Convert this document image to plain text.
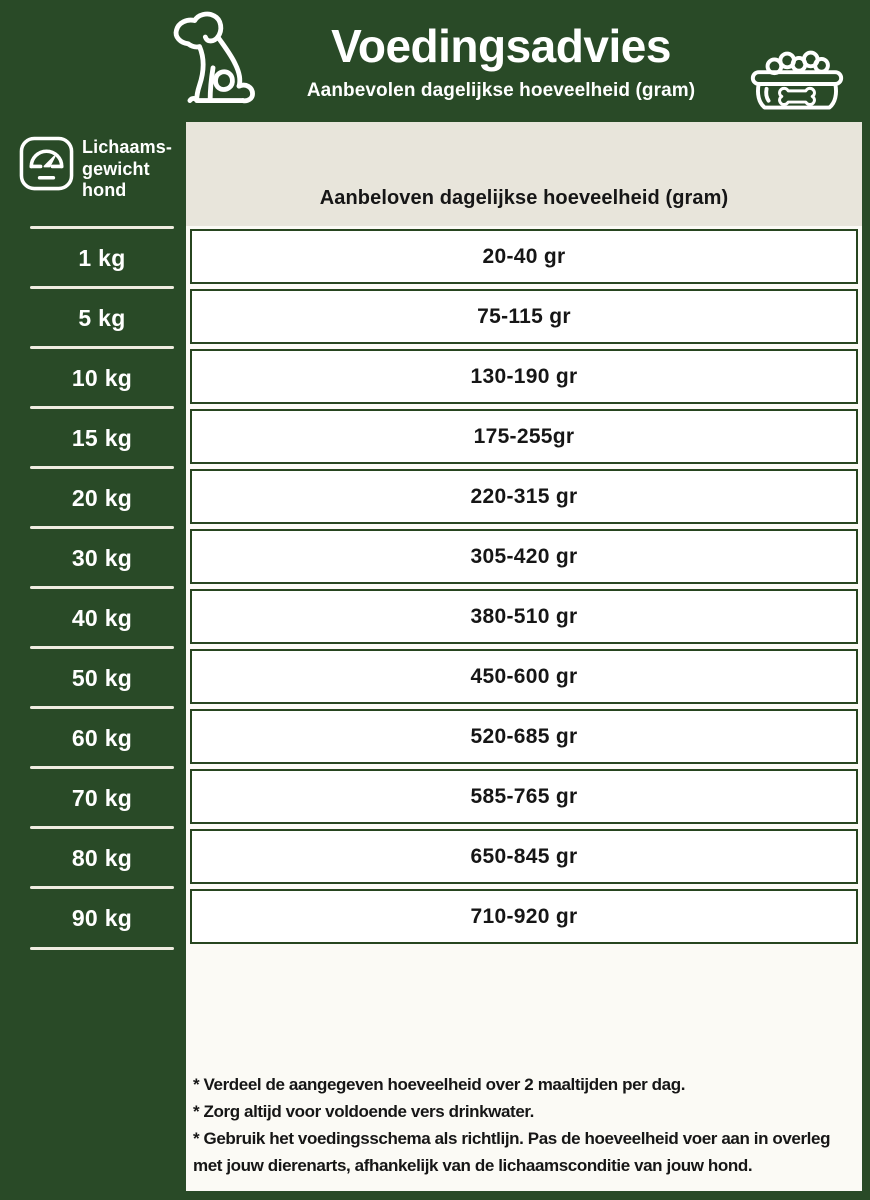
Voedingsadvies
Aanbevolen dagelijkse hoeveelheid (gram)
Lichaams-
gewicht
hond
1 kg
5 kg
10 kg
15 kg
20 kg
30 kg
40 kg
50 kg
60 kg
70 kg
80 kg
90 kg
Aanbeloven dagelijkse hoeveelheid (gram)
20-40 gr
75-115 gr
130-190 gr
175-255gr
220-315 gr
305-420 gr
380-510 gr
450-600 gr
520-685 gr
585-765 gr
650-845 gr
710-920 gr

* Verdeel de aangegeven hoeveelheid over 2 maaltijden per dag.

* Zorg altijd voor voldoende vers drinkwater.

* Gebruik het voedingsschema als richtlijn. Pas de hoeveelheid voer aan in overleg met jouw dierenarts, afhankelijk van de lichaamsconditie van jouw hond.
